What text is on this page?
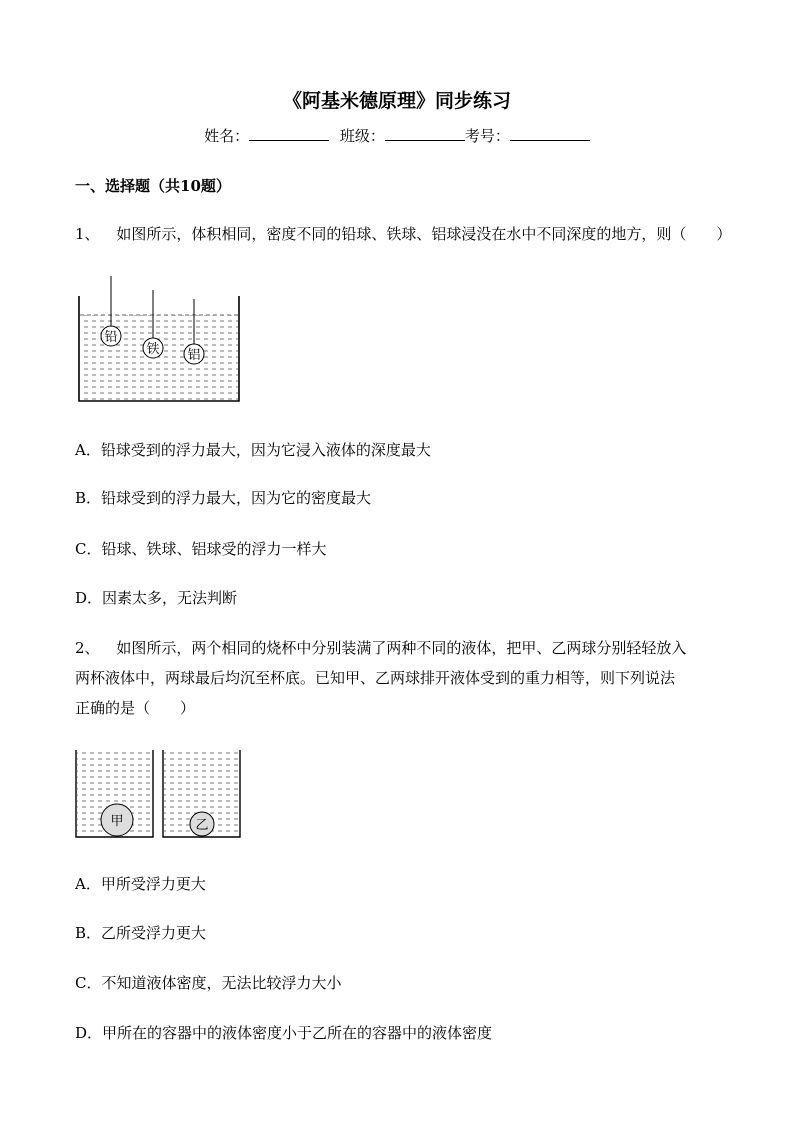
《阿基米德原理》同步练习
姓名：	班级：	考号：
一、选择题（共10题）
1、 如图所示，体积相同，密度不同的铅球、铁球、铝球浸没在水中不同深度的地方，则（　　）
铅
铁 铝
A．铅球受到的浮力最大，因为它浸入液体的深度最大
B．铅球受到的浮力最大，因为它的密度最大
C．铅球、铁球、铝球受的浮力一样大
D．因素太多，无法判断
2、 如图所示，两个相同的烧杯中分别装满了两种不同的液体，把甲、乙两球分别轻轻放入
两杯液体中，两球最后均沉至杯底。已知甲、乙两球排开液体受到的重力相等，则下列说法
正确的是（　　）
甲	乙
A．甲所受浮力更大
B．乙所受浮力更大
C．不知道液体密度，无法比较浮力大小
D．甲所在的容器中的液体密度小于乙所在的容器中的液体密度
